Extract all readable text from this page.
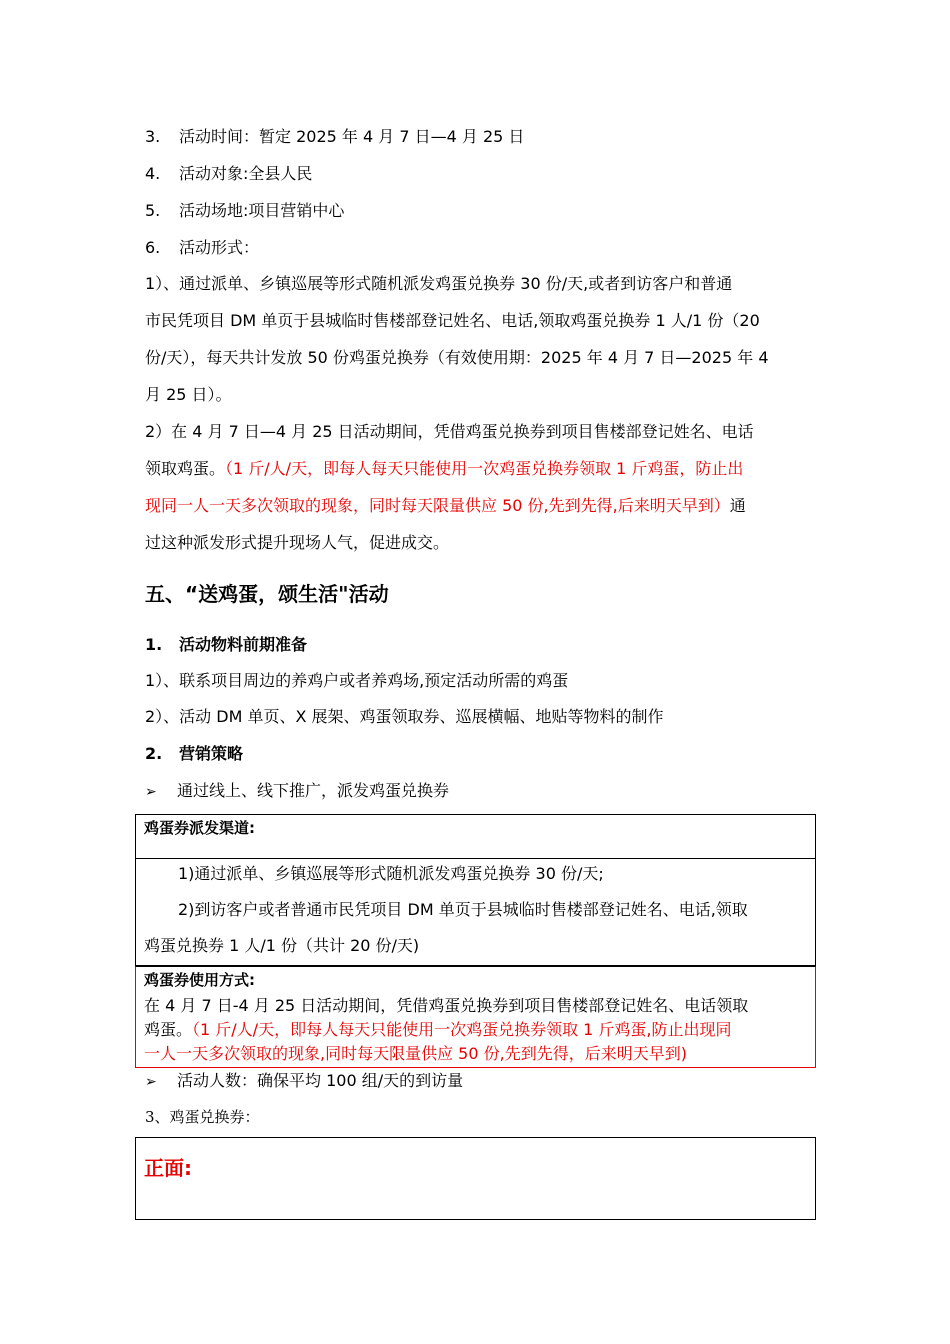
3. 活动时间：暂定 2025 年 4 月 7 日—4 月 25 日
4. 活动对象:全县人民
5. 活动场地:项目营销中心
6. 活动形式：
1）、通过派单、乡镇巡展等形式随机派发鸡蛋兑换券 30 份/天,或者到访客户和普通
市民凭项目 DM 单页于县城临时售楼部登记姓名、电话,领取鸡蛋兑换券 1 人/1 份（20
份/天），每天共计发放 50 份鸡蛋兑换券（有效使用期：2025 年 4 月 7 日—2025 年 4
月 25 日）。
2）在 4 月 7 日—4 月 25 日活动期间，凭借鸡蛋兑换券到项目售楼部登记姓名、电话
领取鸡蛋。（1 斤/人/天，即每人每天只能使用一次鸡蛋兑换券领取 1 斤鸡蛋，防止出
现同一人一天多次领取的现象，同时每天限量供应 50 份,先到先得,后来明天早到）通
过这种派发形式提升现场人气，促进成交。
五、“送鸡蛋，颂生活"活动
1. 活动物料前期准备
1）、联系项目周边的养鸡户或者养鸡场,预定活动所需的鸡蛋
2）、活动 DM 单页、X 展架、鸡蛋领取券、巡展横幅、地贴等物料的制作
2. 营销策略
➢ 通过线上、线下推广，派发鸡蛋兑换券
鸡蛋券派发渠道:
1)通过派单、乡镇巡展等形式随机派发鸡蛋兑换券 30 份/天;
2)到访客户或者普通市民凭项目 DM 单页于县城临时售楼部登记姓名、电话,领取
鸡蛋兑换券 1 人/1 份（共计 20 份/天)
鸡蛋券使用方式:
在 4 月 7 日-4 月 25 日活动期间，凭借鸡蛋兑换券到项目售楼部登记姓名、电话领取
鸡蛋。（1 斤/人/天，即每人每天只能使用一次鸡蛋兑换券领取 1 斤鸡蛋,防止出现同
一人一天多次领取的现象,同时每天限量供应 50 份,先到先得，后来明天早到)
➢ 活动人数：确保平均 100 组/天的到访量
3、鸡蛋兑换券：
正面:
